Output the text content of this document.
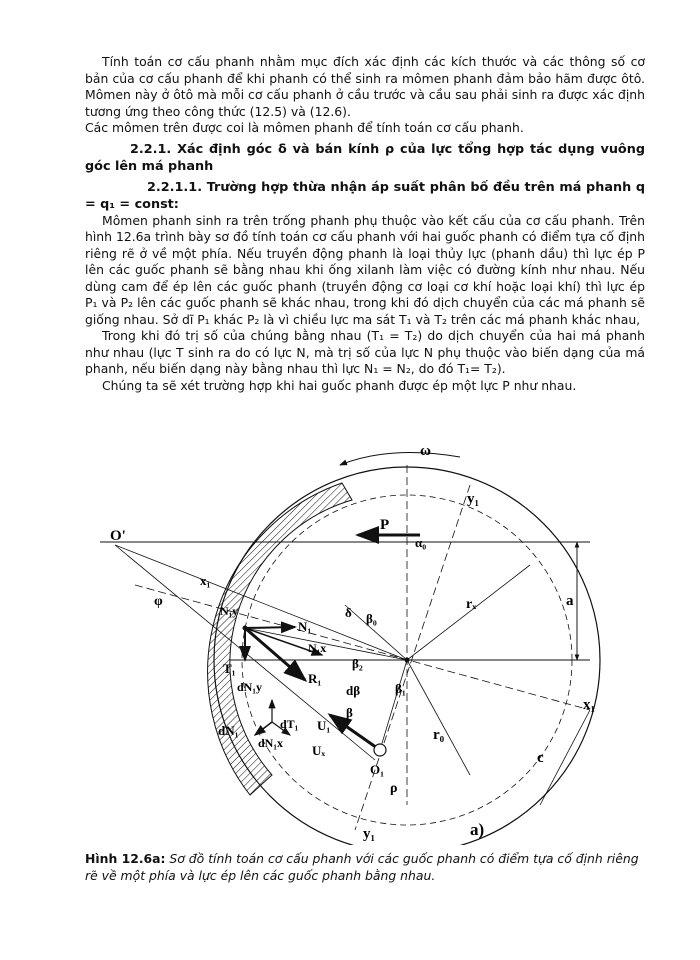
Tính toán cơ cấu phanh nhằm mục đích xác định các kích thước và các thông số cơ bản của cơ cấu phanh để khi phanh có thể sinh ra mômen phanh đảm bảo hãm được ôtô. Mômen này ở ôtô mà mỗi cơ cấu phanh ở cầu trước và cầu sau phải sinh ra được xác định tương ứng theo công thức (12.5) và (12.6).

Các mômen trên được coi là mômen phanh để tính toán cơ cấu phanh.

2.2.1. Xác định góc δ và bán kính ρ của lực tổng hợp tác dụng vuông góc lên má phanh

2.2.1.1. Trường hợp thừa nhận áp suất phân bố đều trên má phanh q = q₁ = const:

Mômen phanh sinh ra trên trống phanh phụ thuộc vào kết cấu của cơ cấu phanh. Trên hình 12.6a trình bày sơ đồ tính toán cơ cấu phanh với hai guốc phanh có điểm tựa cố định riêng rẽ ở về một phía. Nếu truyền động phanh là loại thủy lực (phanh dầu) thì lực ép P lên các guốc phanh sẽ bằng nhau khi ống xilanh làm việc có đường kính như nhau. Nếu dùng cam để ép lên các guốc phanh (truyền động cơ loại cơ khí hoặc loại khí) thì lực ép P₁ và P₂ lên các guốc phanh sẽ khác nhau, trong khi đó dịch chuyển của các má phanh sẽ giống nhau. Sở dĩ P₁ khác P₂ là vì chiều lực ma sát T₁ và T₂ trên các má phanh khác nhau,

Trong khi đó trị số của chúng bằng nhau (T₁ = T₂) do dịch chuyển của hai má phanh như nhau (lực T sinh ra do có lực N, mà trị số của lực N phụ thuộc vào biến dạng của má phanh, nếu biến dạng này bằng nhau thì lực N₁ = N₂, do đó T₁= T₂).

Chúng ta sẽ xét trường hợp khi hai guốc phanh được ép một lực P như nhau.

ω
y₁
O'
P
α₀
a
x₁
φ
N₁y
N₁
δ β₀
rₓ
N₁x
β₂
T₁
R₁
dβ	β₁
dN₁y
dN₁	dT₁ U₁
β
r₀
x₁
dN₁x Uₓ
O₁
ρ
c
y₁	a)
Hình 12.6a: Sơ đồ tính toán cơ cấu phanh với các guốc phanh có điểm tựa cố định riêng rẽ về một phía và lực ép lên các guốc phanh bằng nhau.
